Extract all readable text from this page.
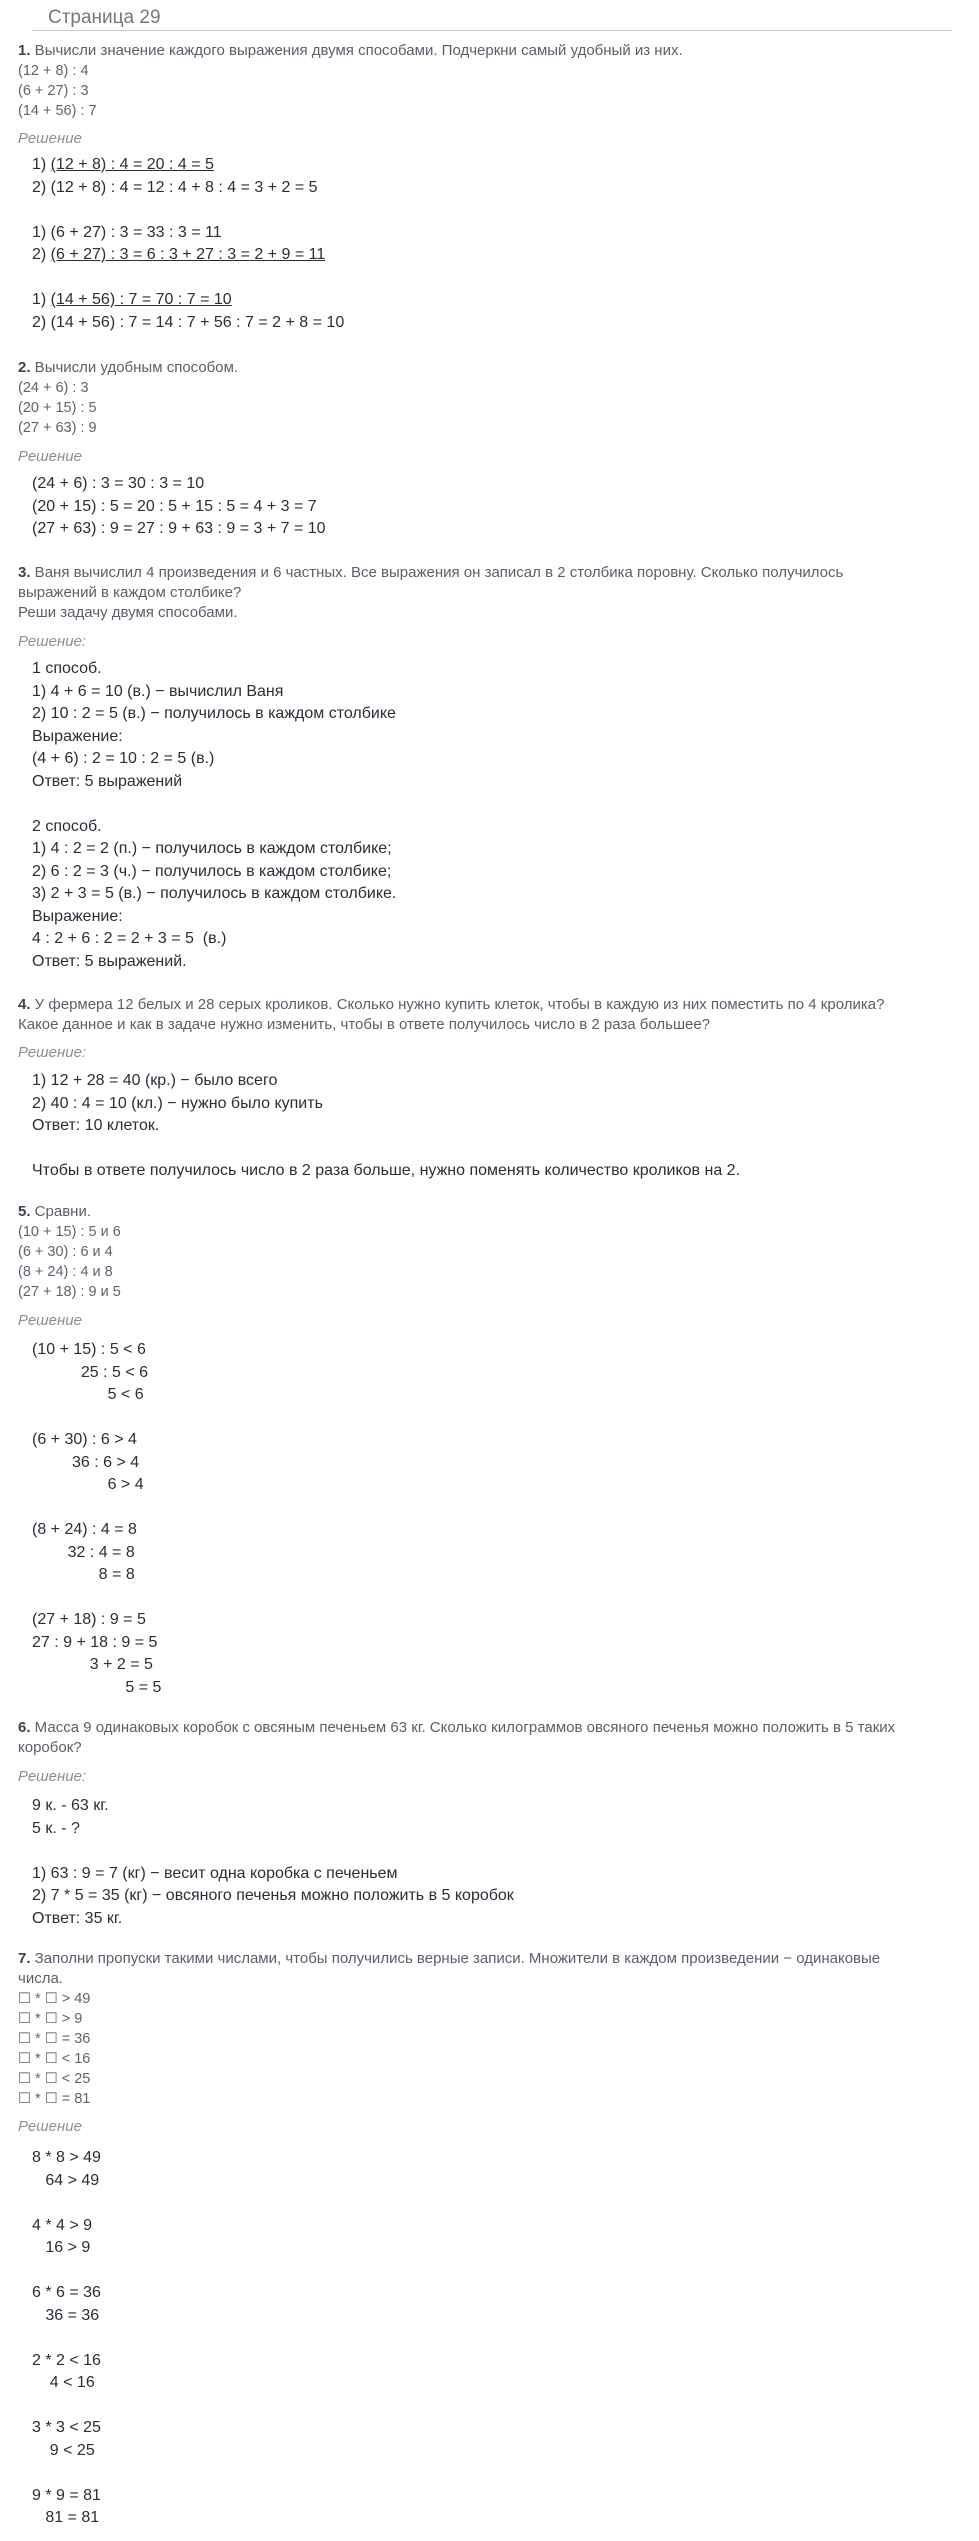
Страница 29
1. Вычисли значение каждого выражения двумя способами. Подчеркни самый удобный из них.
(12 + 8) : 4
(6 + 27) : 3
(14 + 56) : 7
Решение
1) (12 + 8) : 4 = 20 : 4 = 5
2) (12 + 8) : 4 = 12 : 4 + 8 : 4 = 3 + 2 = 5

1) (6 + 27) : 3 = 33 : 3 = 11
2) (6 + 27) : 3 = 6 : 3 + 27 : 3 = 2 + 9 = 11

1) (14 + 56) : 7 = 70 : 7 = 10
2) (14 + 56) : 7 = 14 : 7 + 56 : 7 = 2 + 8 = 10
2. Вычисли удобным способом.
(24 + 6) : 3
(20 + 15) : 5
(27 + 63) : 9
Решение
(24 + 6) : 3 = 30 : 3 = 10
(20 + 15) : 5 = 20 : 5 + 15 : 5 = 4 + 3 = 7
(27 + 63) : 9 = 27 : 9 + 63 : 9 = 3 + 7 = 10
3. Ваня вычислил 4 произведения и 6 частных. Все выражения он записал в 2 столбика поровну. Сколько получилось
выражений в каждом столбике?
Реши задачу двумя способами.
Решение:
1 способ.
1) 4 + 6 = 10 (в.) − вычислил Ваня
2) 10 : 2 = 5 (в.) − получилось в каждом столбике
Выражение:
(4 + 6) : 2 = 10 : 2 = 5 (в.)
Ответ: 5 выражений

2 способ.
1) 4 : 2 = 2 (п.) − получилось в каждом столбике;
2) 6 : 2 = 3 (ч.) − получилось в каждом столбике;
3) 2 + 3 = 5 (в.) − получилось в каждом столбике.
Выражение:
4 : 2 + 6 : 2 = 2 + 3 = 5  (в.)
Ответ: 5 выражений.
4. У фермера 12 белых и 28 серых кроликов. Сколько нужно купить клеток, чтобы в каждую из них поместить по 4 кролика?
Какое данное и как в задаче нужно изменить, чтобы в ответе получилось число в 2 раза большее?
Решение:
1) 12 + 28 = 40 (кр.) − было всего
2) 40 : 4 = 10 (кл.) − нужно было купить
Ответ: 10 клеток.

Чтобы в ответе получилось число в 2 раза больше, нужно поменять количество кроликов на 2.
5. Сравни.
(10 + 15) : 5 и 6
(6 + 30) : 6 и 4
(8 + 24) : 4 и 8
(27 + 18) : 9 и 5
Решение
(10 + 15) : 5 < 6
25 : 5 < 6
5 < 6

(6 + 30) : 6 > 4
36 : 6 > 4
6 > 4

(8 + 24) : 4 = 8
32 : 4 = 8
8 = 8

(27 + 18) : 9 = 5
27 : 9 + 18 : 9 = 5
3 + 2 = 5
5 = 5
6. Масса 9 одинаковых коробок с овсяным печеньем 63 кг. Сколько килограммов овсяного печенья можно положить в 5 таких
коробок?
Решение:
9 к. - 63 кг.
5 к. - ?

1) 63 : 9 = 7 (кг) − весит одна коробка с печеньем
2) 7 * 5 = 35 (кг) − овсяного печенья можно положить в 5 коробок
Ответ: 35 кг.
7. Заполни пропуски такими числами, чтобы получились верные записи. Множители в каждом произведении − одинаковые
числа.
☐ * ☐ > 49
☐ * ☐ > 9
☐ * ☐ = 36
☐ * ☐ < 16
☐ * ☐ < 25
☐ * ☐ = 81
Решение
8 * 8 > 49
64 > 49

4 * 4 > 9
16 > 9

6 * 6 = 36
36 = 36

2 * 2 < 16
4 < 16

3 * 3 < 25
9 < 25

9 * 9 = 81
81 = 81
